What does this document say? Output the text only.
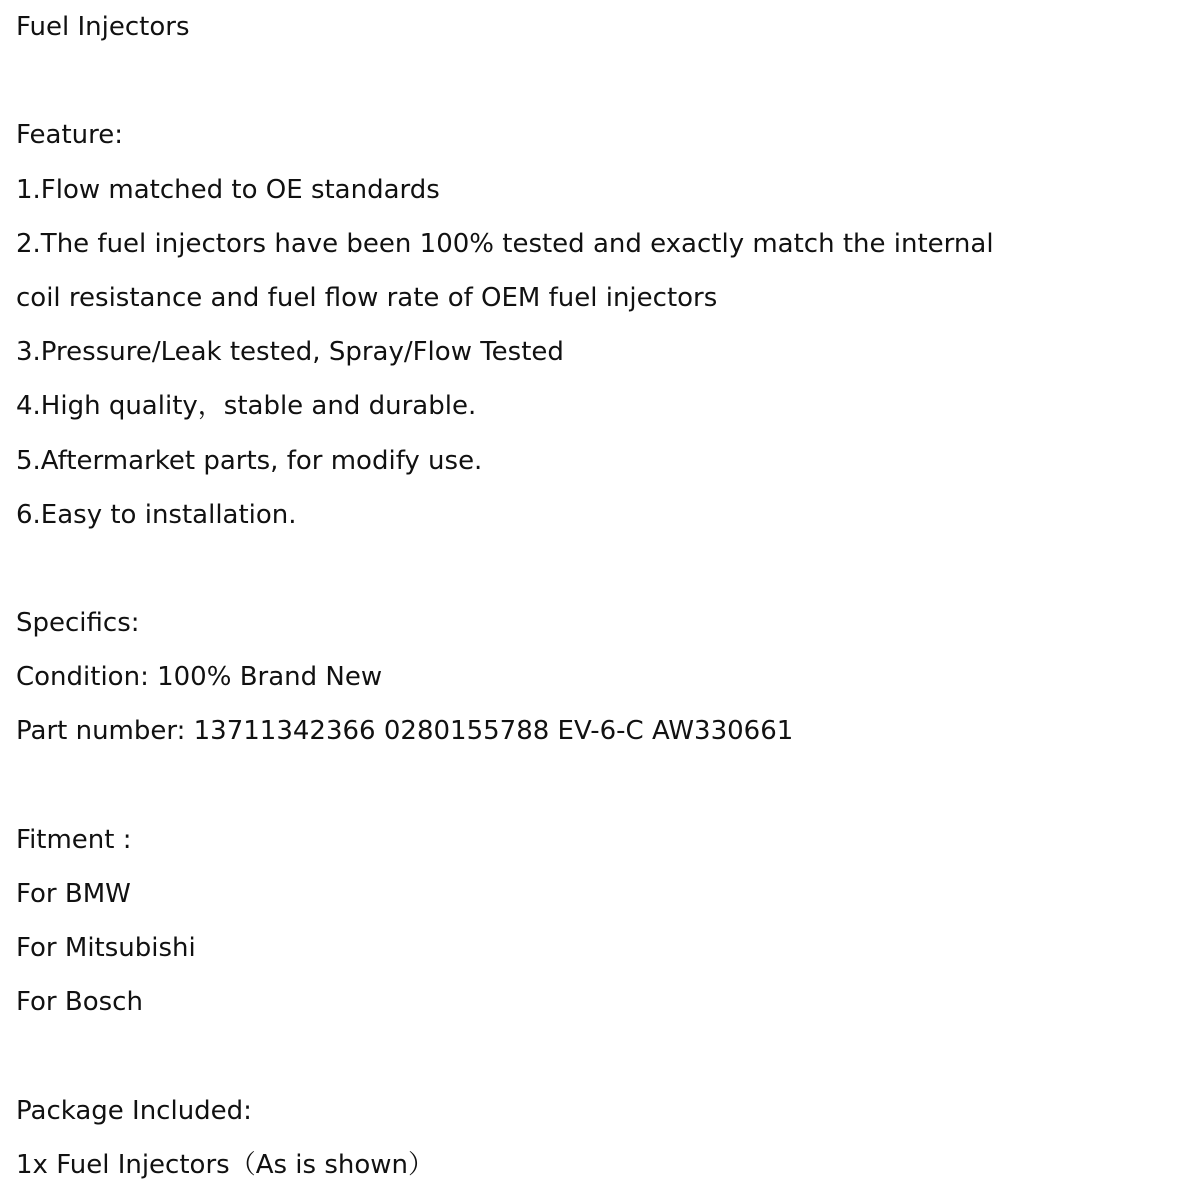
Fuel Injectors
Feature:
1.Flow matched to OE standards
2.The fuel injectors have been 100% tested and exactly match the internal
coil resistance and fuel flow rate of OEM fuel injectors
3.Pressure/Leak tested, Spray/Flow Tested
4.High quality，stable and durable.
5.Aftermarket parts, for modify use.
6.Easy to installation.
Specifics:
Condition: 100% Brand New
Part number: 13711342366 0280155788 EV-6-C AW330661
Fitment :
For BMW
For Mitsubishi
For Bosch
Package Included:
1x Fuel Injectors（As is shown）
